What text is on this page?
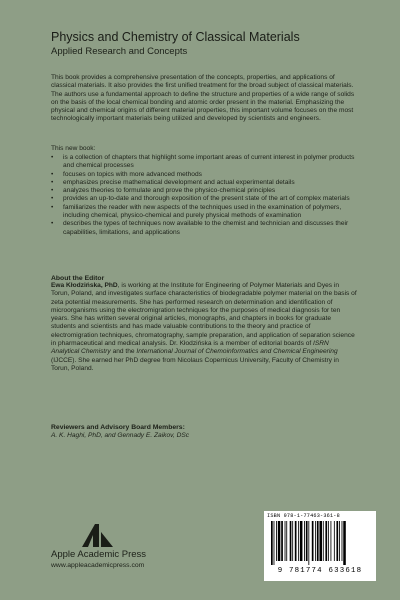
Physics and Chemistry of Classical Materials
Applied Research and Concepts

This book provides a comprehensive presentation of the concepts, properties, and applications of classical materials. It also provides the first unified treatment for the broad subject of classical materials. The authors use a fundamental approach to define the structure and properties of a wide range of solids on the basis of the local chemical bonding and atomic order present in the material. Emphasizing the physical and chemical origins of different material properties, this important volume focuses on the most technologically important materials being utilized and developed by scientists and engineers.

This new book:
• is a collection of chapters that highlight some important areas of current interest in polymer products and chemical processes
• focuses on topics with more advanced methods
• emphasizes precise mathematical development and actual experimental details
• analyzes theories to formulate and prove the physico-chemical principles
• provides an up-to-date and thorough exposition of the present state of the art of complex materials
• familiarizes the reader with new aspects of the techniques used in the examination of polymers, including chemical, physico-chemical and purely physical methods of examination
• describes the types of techniques now available to the chemist and technician and discusses their capabilities, limitations, and applications
About the Editor

Ewa Kłodzińska, PhD, is working at the Institute for Engineering of Polymer Materials and Dyes in Torun, Poland, and investigates surface characteristics of biodegradable polymer material on the basis of zeta potential measurements. She has performed research on determination and identification of microorganisms using the electromigration techniques for the purposes of medical diagnosis for ten years. She has written several original articles, monographs, and chapters in books for graduate students and scientists and has made valuable contributions to the theory and practice of electromigration techniques, chromatography, sample preparation, and application of separation science in pharmaceutical and medical analysis. Dr. Kłodzińska is a member of editorial boards of ISRN Analytical Chemistry and the International Journal of Chemoinformatics and Chemical Engineering (IJCCE). She earned her PhD degree from Nicolaus Copernicus University, Faculty of Chemistry in Torun, Poland.

Reviewers and Advisory Board Members:
A. K. Haghi, PhD, and Gennady E. Zaikov, DSc
Apple Academic Press
www.appleacademicpress.com
ISBN 978-1-77463-361-8
9 781774 633618
